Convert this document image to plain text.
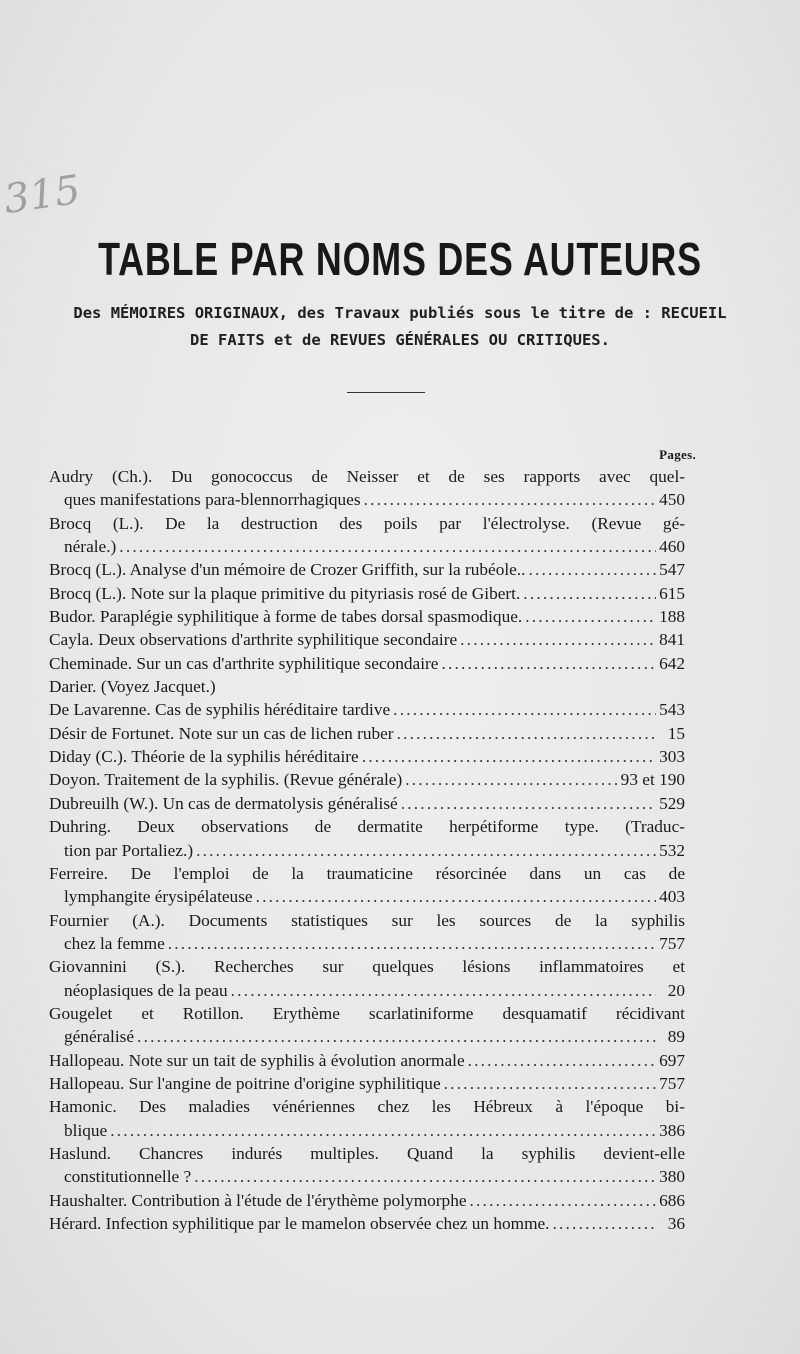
315
TABLE PAR NOMS DES AUTEURS
Des MÉMOIRES ORIGINAUX, des Travaux publiés sous le titre de : RECUEIL
DE FAITS et de REVUES GÉNÉRALES OU CRITIQUES.
Pages.
Audry (Ch.). Du gonococcus de Neisser et de ses rapports avec quel-
ques manifestations para-blennorrhagiques .....	450
Brocq (L.). De la destruction des poils par l'électrolyse. (Revue gé-
nérale.) .....	460
Brocq (L.). Analyse d'un mémoire de Crozer Griffith, sur la rubéole.. .....	547
Brocq (L.). Note sur la plaque primitive du pityriasis rosé de Gibert. .....	615
Budor. Paraplégie syphilitique à forme de tabes dorsal spasmodique. .....	188
Cayla. Deux observations d'arthrite syphilitique secondaire .....	841
Cheminade. Sur un cas d'arthrite syphilitique secondaire .....	642
Darier. (Voyez Jacquet.)
De Lavarenne. Cas de syphilis héréditaire tardive .....	543
Désir de Fortunet. Note sur un cas de lichen ruber .....	15
Diday (C.). Théorie de la syphilis héréditaire .....	303
Doyon. Traitement de la syphilis. (Revue générale) .....	93 et 190
Dubreuilh (W.). Un cas de dermatolysis généralisé .....	529
Duhring. Deux observations de dermatite herpétiforme type. (Traduc-
tion par Portaliez.) .....	532
Ferreire. De l'emploi de la traumaticine résorcinée dans un cas de
lymphangite érysipélateuse .....	403
Fournier (A.). Documents statistiques sur les sources de la syphilis
chez la femme .....	757
Giovannini (S.). Recherches sur quelques lésions inflammatoires et
néoplasiques de la peau .....	20
Gougelet et Rotillon. Erythème scarlatiniforme desquamatif récidivant
généralisé .....	89
Hallopeau. Note sur un tait de syphilis à évolution anormale .....	697
Hallopeau. Sur l'angine de poitrine d'origine syphilitique .....	757
Hamonic. Des maladies vénériennes chez les Hébreux à l'époque bi-
blique .....	386
Haslund. Chancres indurés multiples. Quand la syphilis devient-elle
constitutionnelle ? .....	380
Haushalter. Contribution à l'étude de l'érythème polymorphe .....	686
Hérard. Infection syphilitique par le mamelon observée chez un homme. .....	36
